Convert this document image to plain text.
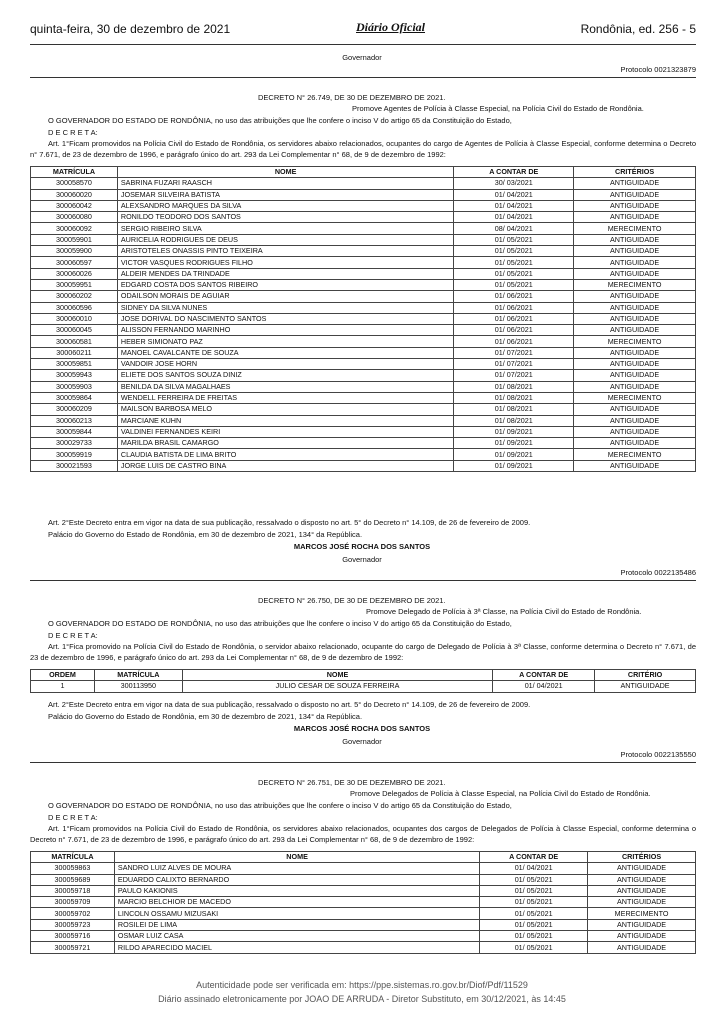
quinta-feira, 30 de dezembro de 2021	Diário Oficial	Rondônia, ed. 256 - 5
Governador
Protocolo 0021323879
DECRETO N° 26.749, DE 30 DE DEZEMBRO DE 2021.
Promove Agentes de Polícia à Classe Especial, na Polícia Civil do Estado de Rondônia.
O GOVERNADOR DO ESTADO DE RONDÔNIA, no uso das atribuições que lhe confere o inciso V do artigo 65 da Constituição do Estado,
D E C R E T A:
Art. 1°Ficam promovidos na Polícia Civil do Estado de Rondônia, os servidores abaixo relacionados, ocupantes do cargo de Agentes de Polícia à Classe Especial, conforme determina o Decreto n° 7.671, de 23 de dezembro de 1996, e parágrafo único do art. 293 da Lei Complementar n° 68, de 9 de dezembro de 1992:
MATRÍCULA	NOME	A CONTAR DE	CRITÉRIOS
300058570	SABRINA FUZARI RAASCH	30/ 03/2021	ANTIGUIDADE
300060020	JOSEMAR SILVEIRA BATISTA	01/ 04/2021	ANTIGUIDADE
300060042	ALEXSANDRO MARQUES DA SILVA	01/ 04/2021	ANTIGUIDADE
300060080	RONILDO TEODORO DOS SANTOS	01/ 04/2021	ANTIGUIDADE
300060092	SERGIO RIBEIRO SILVA	08/ 04/2021	MERECIMENTO
300059901	AURICELIA RODRIGUES DE DEUS	01/ 05/2021	ANTIGUIDADE
300059900	ARISTOTELES ONASSIS PINTO TEIXEIRA	01/ 05/2021	ANTIGUIDADE
300060597	VICTOR VASQUES RODRIGUES FILHO	01/ 05/2021	ANTIGUIDADE
300060026	ALDEIR MENDES DA TRINDADE	01/ 05/2021	ANTIGUIDADE
300059951	EDGARD COSTA DOS SANTOS RIBEIRO	01/ 05/2021	MERECIMENTO
300060202	ODAILSON MORAIS DE AGUIAR	01/ 06/2021	ANTIGUIDADE
300060596	SIDNEY DA SILVA NUNES	01/ 06/2021	ANTIGUIDADE
300060010	JOSE DORIVAL DO NASCIMENTO SANTOS	01/ 06/2021	ANTIGUIDADE
300060045	ALISSON FERNANDO MARINHO	01/ 06/2021	ANTIGUIDADE
300060581	HEBER SIMIONATO PAZ	01/ 06/2021	MERECIMENTO
300060211	MANOEL CAVALCANTE DE SOUZA	01/ 07/2021	ANTIGUIDADE
300059851	VANDOIR JOSE HORN	01/ 07/2021	ANTIGUIDADE
300059943	ELIETE DOS SANTOS SOUZA DINIZ	01/ 07/2021	ANTIGUIDADE
300059903	BENILDA DA SILVA MAGALHAES	01/ 08/2021	ANTIGUIDADE
300059864	WENDELL FERREIRA DE FREITAS	01/ 08/2021	MERECIMENTO
300060209	MAILSON BARBOSA MELO	01/ 08/2021	ANTIGUIDADE
300060213	MARCIANE KUHN	01/ 08/2021	ANTIGUIDADE
300059844	VALDINEI FERNANDES KEIRI	01/ 09/2021	ANTIGUIDADE
300029733	MARILDA BRASIL CAMARGO	01/ 09/2021	ANTIGUIDADE
300059919	CLAUDIA BATISTA DE LIMA BRITO	01/ 09/2021	MERECIMENTO
300021593	JORGE LUIS DE CASTRO BINA	01/ 09/2021	ANTIGUIDADE
Art. 2°Este Decreto entra em vigor na data de sua publicação, ressalvado o disposto no art. 5° do Decreto n° 14.109, de 26 de fevereiro de 2009.
Palácio do Governo do Estado de Rondônia, em 30 de dezembro de 2021, 134° da República.
MARCOS JOSÉ ROCHA DOS SANTOS
Governador
Protocolo 0022135486
DECRETO N° 26.750, DE 30 DE DEZEMBRO DE 2021.
Promove Delegado de Polícia à 3ª Classe, na Polícia Civil do Estado de Rondônia.
O GOVERNADOR DO ESTADO DE RONDÔNIA, no uso das atribuições que lhe confere o inciso V do artigo 65 da Constituição do Estado,
D E C R E T A:
Art. 1°Fica promovido na Polícia Civil do Estado de Rondônia, o servidor abaixo relacionado, ocupante do cargo de Delegado de Polícia à 3ª Classe, conforme determina o Decreto n° 7.671, de 23 de dezembro de 1996, e parágrafo único do art. 293 da Lei Complementar n° 68, de 9 de dezembro de 1992:
ORDEM	MATRÍCULA	NOME	A CONTAR DE	CRITÉRIO
1	300113950	JULIO CESAR DE SOUZA FERREIRA	01/ 04/2021	ANTIGUIDADE
Art. 2°Este Decreto entra em vigor na data de sua publicação, ressalvado o disposto no art. 5° do Decreto n° 14.109, de 26 de fevereiro de 2009.
Palácio do Governo do Estado de Rondônia, em 30 de dezembro de 2021, 134° da República.
MARCOS JOSÉ ROCHA DOS SANTOS
Governador
Protocolo 0022135550
DECRETO N° 26.751, DE 30 DE DEZEMBRO DE 2021.
Promove Delegados de Polícia à Classe Especial, na Polícia Civil do Estado de Rondônia.
O GOVERNADOR DO ESTADO DE RONDÔNIA, no uso das atribuições que lhe confere o inciso V do artigo 65 da Constituição do Estado,
D E C R E T A:
Art. 1°Ficam promovidos na Polícia Civil do Estado de Rondônia, os servidores abaixo relacionados, ocupantes dos cargos de Delegados de Polícia à Classe Especial, conforme determina o Decreto n° 7.671, de 23 de dezembro de 1996, e parágrafo único do art. 293 da Lei Complementar n° 68, de 9 de dezembro de 1992:
MATRÍCULA	NOME	A CONTAR DE	CRITÉRIOS
300059863	SANDRO LUIZ ALVES DE MOURA	01/ 04/2021	ANTIGUIDADE
300059689	EDUARDO CALIXTO BERNARDO	01/ 05/2021	ANTIGUIDADE
300059718	PAULO KAKIONIS	01/ 05/2021	ANTIGUIDADE
300059709	MARCIO BELCHIOR DE MACEDO	01/ 05/2021	ANTIGUIDADE
300059702	LINCOLN OSSAMU MIZUSAKI	01/ 05/2021	MERECIMENTO
300059723	ROSILEI DE LIMA	01/ 05/2021	ANTIGUIDADE
300059716	OSMAR LUIZ CASA	01/ 05/2021	ANTIGUIDADE
300059721	RILDO APARECIDO MACIEL	01/ 05/2021	ANTIGUIDADE
Autenticidade pode ser verificada em: https://ppe.sistemas.ro.gov.br/Diof/Pdf/11529
Diário assinado eletronicamente por JOAO DE ARRUDA - Diretor Substituto, em 30/12/2021, às 14:45
